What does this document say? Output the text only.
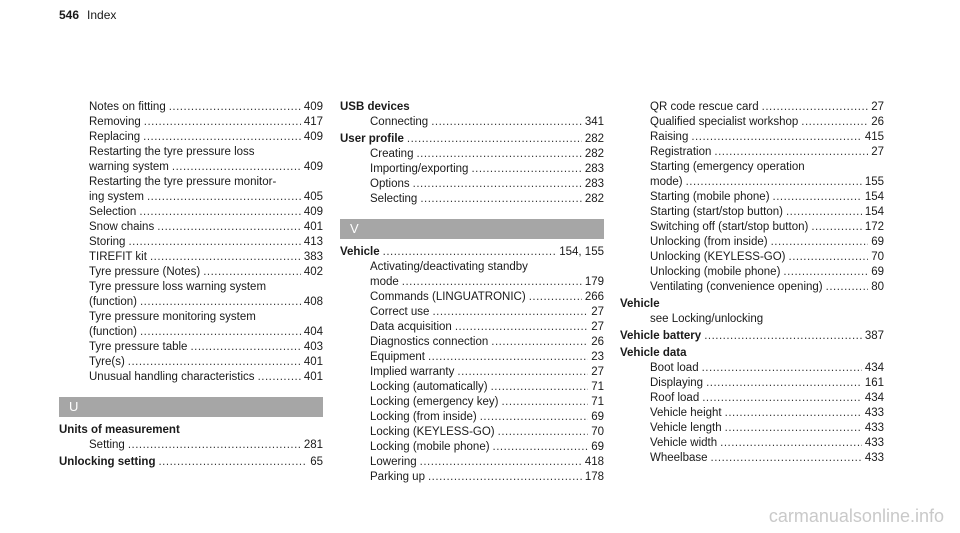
546 Index
Notes on fitting .....	409
Removing .....	417
Replacing .....	409
Restarting the tyre pressure loss
warning system .....	409
Restarting the tyre pressure monitor-
ing system .....	405
Selection .....	409
Snow chains .....	401
Storing .....	413
TIREFIT kit .....	383
Tyre pressure (Notes) .....	402
Tyre pressure loss warning system
(function) .....	408
Tyre pressure monitoring system
(function) .....	404
Tyre pressure table .....	403
Tyre(s) .....	401
Unusual handling characteristics .....	401
U
Units of measurement
Setting .....	281
Unlocking setting .....	65
USB devices
Connecting .....	341
User profile .....	282
Creating .....	282
Importing/exporting .....	283
Options .....	283
Selecting .....	282
V
Vehicle .....	154, 155
Activating/deactivating standby
mode .....	179
Commands (LINGUATRONIC) .....	266
Correct use .....	27
Data acquisition .....	27
Diagnostics connection .....	26
Equipment .....	23
Implied warranty .....	27
Locking (automatically) .....	71
Locking (emergency key) .....	71
Locking (from inside) .....	69
Locking (KEYLESS-GO) .....	70
Locking (mobile phone) .....	69
Lowering .....	418
Parking up .....	178
QR code rescue card .....	27
Qualified specialist workshop .....	26
Raising .....	415
Registration .....	27
Starting (emergency operation
mode) .....	155
Starting (mobile phone) .....	154
Starting (start/stop button) .....	154
Switching off (start/stop button) .....	172
Unlocking (from inside) .....	69
Unlocking (KEYLESS-GO) .....	70
Unlocking (mobile phone) .....	69
Ventilating (convenience opening) .....	80
Vehicle
see Locking/unlocking
Vehicle battery .....	387
Vehicle data
Boot load .....	434
Displaying .....	161
Roof load .....	434
Vehicle height .....	433
Vehicle length .....	433
Vehicle width .....	433
Wheelbase .....	433
carmanualsonline.info
